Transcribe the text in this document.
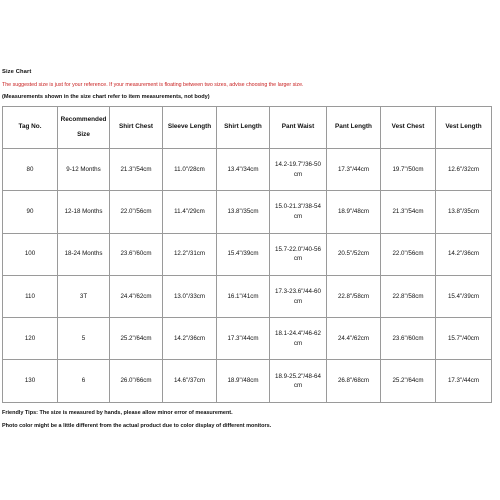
Size Chart
The suggested size is just for your reference. If your measurement is floating between two sizes, advise choosing the larger size.
(Measurements shown in the size chart refer to item measurements, not body)
Tag No.	Recommended Size	Shirt Chest	Sleeve Length	Shirt Length	Pant Waist	Pant Length	Vest Chest	Vest Length
80	9-12 Months	21.3"/54cm	11.0"/28cm	13.4"/34cm	14.2-19.7"/36-50 cm	17.3"/44cm	19.7"/50cm	12.6"/32cm
90	12-18 Months	22.0"/56cm	11.4"/29cm	13.8"/35cm	15.0-21.3"/38-54 cm	18.9"/48cm	21.3"/54cm	13.8"/35cm
100	18-24 Months	23.6"/60cm	12.2"/31cm	15.4"/39cm	15.7-22.0"/40-56 cm	20.5"/52cm	22.0"/56cm	14.2"/36cm
110	3T	24.4"/62cm	13.0"/33cm	16.1"/41cm	17.3-23.6"/44-60 cm	22.8"/58cm	22.8"/58cm	15.4"/39cm
120	5	25.2"/64cm	14.2"/36cm	17.3"/44cm	18.1-24.4"/46-62 cm	24.4"/62cm	23.6"/60cm	15.7"/40cm
130	6	26.0"/66cm	14.6"/37cm	18.9"/48cm	18.9-25.2"/48-64 cm	26.8"/68cm	25.2"/64cm	17.3"/44cm
Friendly Tips: The size is measured by hands, please allow minor error of measurement.
Photo color might be a little different from the actual product due to color display of different monitors.
